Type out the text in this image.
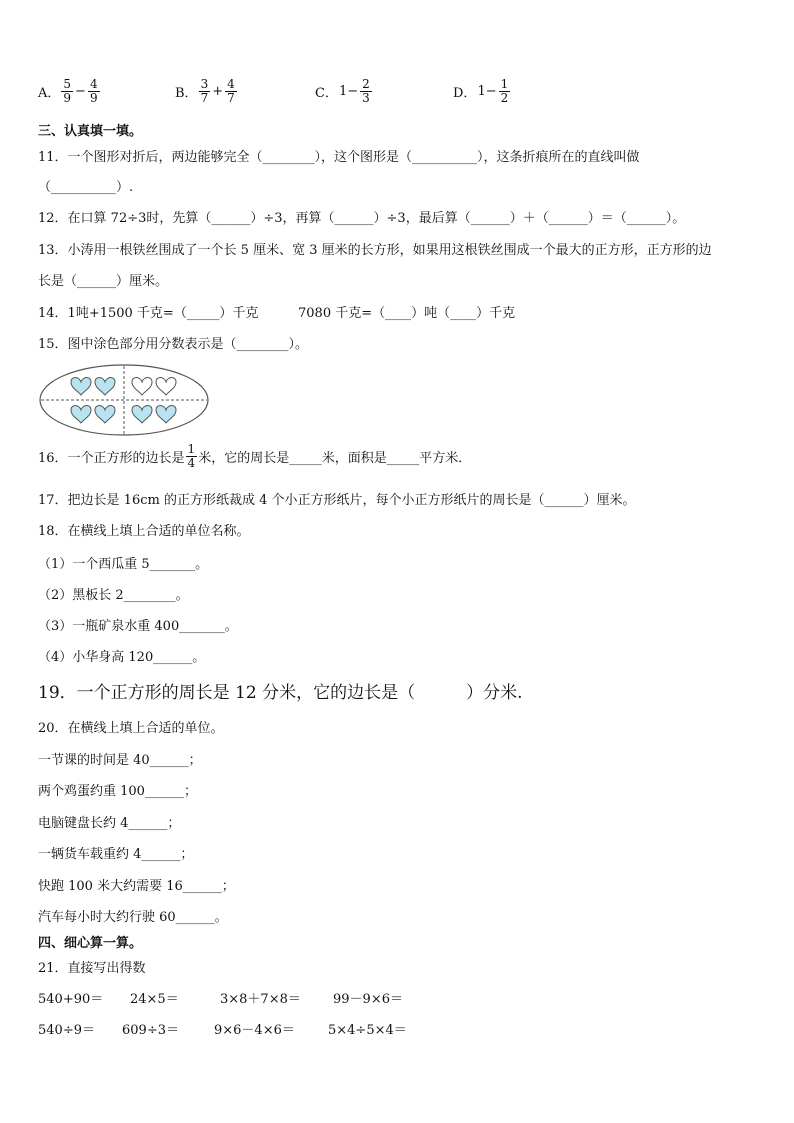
A． $\frac{5}{9} - \frac{4}{9}$	B． $\frac{3}{7} + \frac{4}{7}$	C．$1- \frac{2}{3}$	D．$1- \frac{1}{2}$
三、认真填一填。
11．一个图形对折后，两边能够完全（________），这个图形是（__________），这条折痕所在的直线叫做
（__________）.
12．在口算 72÷3时，先算（______）÷3，再算（______）÷3，最后算（______）＋（______）＝（______）。
13．小涛用一根铁丝围成了一个长 5 厘米、宽 3 厘米的长方形，如果用这根铁丝围成一个最大的正方形，正方形的边
长是（______）厘米。
14．1吨+1500 千克=（_____）千克	7080 千克=（____）吨（____）千克
15．图中涂色部分用分数表示是（________）。
16．一个正方形的边长是 $\frac{1}{4}$ 米，它的周长是_____米，面积是_____平方米．
17．把边长是 16cm 的正方形纸裁成 4 个小正方形纸片，每个小正方形纸片的周长是（______）厘米。
18．在横线上填上合适的单位名称。
（1）一个西瓜重 5_______。
（2）黑板长 2________。
（3）一瓶矿泉水重 400_______。
（4）小华身高 120______。
19．一个正方形的周长是 12 分米，它的边长是（　　　）分米.
20．在横线上填上合适的单位。
一节课的时间是 40______；
两个鸡蛋约重 100______；
电脑键盘长约 4______；
一辆货车载重约 4______；
快跑 100 米大约需要 16______；
汽车每小时大约行驶 60______。
四、细心算一算。
21．直接写出得数
540+90＝ 24×5＝	3×8＋7×8＝ 99－9×6＝
540÷9＝ 609÷3＝	9×6－4×6＝	5×4÷5×4＝
